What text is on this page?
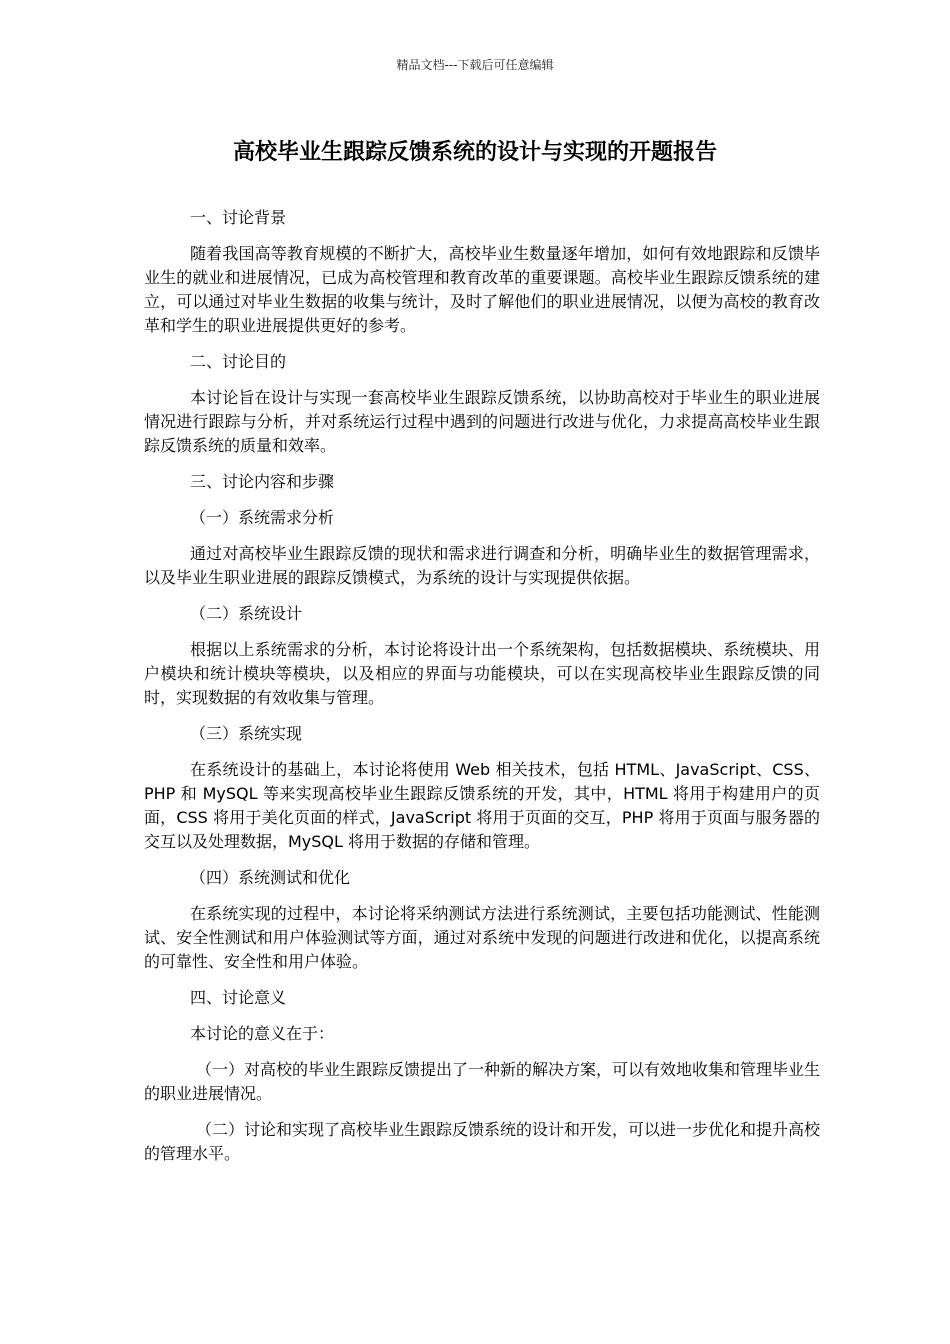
精品文档---下载后可任意编辑
高校毕业生跟踪反馈系统的设计与实现的开题报告
一、讨论背景

随着我国高等教育规模的不断扩大，高校毕业生数量逐年增加，如何有效地跟踪和反馈毕业生的就业和进展情况，已成为高校管理和教育改革的重要课题。高校毕业生跟踪反馈系统的建立，可以通过对毕业生数据的收集与统计，及时了解他们的职业进展情况，以便为高校的教育改革和学生的职业进展提供更好的参考。

二、讨论目的

本讨论旨在设计与实现一套高校毕业生跟踪反馈系统，以协助高校对于毕业生的职业进展情况进行跟踪与分析，并对系统运行过程中遇到的问题进行改进与优化，力求提高高校毕业生跟踪反馈系统的质量和效率。

三、讨论内容和步骤
（一）系统需求分析

通过对高校毕业生跟踪反馈的现状和需求进行调查和分析，明确毕业生的数据管理需求，以及毕业生职业进展的跟踪反馈模式，为系统的设计与实现提供依据。

（二）系统设计

根据以上系统需求的分析，本讨论将设计出一个系统架构，包括数据模块、系统模块、用户模块和统计模块等模块，以及相应的界面与功能模块，可以在实现高校毕业生跟踪反馈的同时，实现数据的有效收集与管理。

（三）系统实现

在系统设计的基础上，本讨论将使用 Web 相关技术，包括 HTML、JavaScript、CSS、PHP 和 MySQL 等来实现高校毕业生跟踪反馈系统的开发，其中，HTML 将用于构建用户的页面，CSS 将用于美化页面的样式，JavaScript 将用于页面的交互，PHP 将用于页面与服务器的交互以及处理数据，MySQL 将用于数据的存储和管理。

（四）系统测试和优化

在系统实现的过程中，本讨论将采纳测试方法进行系统测试，主要包括功能测试、性能测试、安全性测试和用户体验测试等方面，通过对系统中发现的问题进行改进和优化，以提高系统的可靠性、安全性和用户体验。

四、讨论意义

本讨论的意义在于：

（一）对高校的毕业生跟踪反馈提出了一种新的解决方案，可以有效地收集和管理毕业生的职业进展情况。

（二）讨论和实现了高校毕业生跟踪反馈系统的设计和开发，可以进一步优化和提升高校的管理水平。
